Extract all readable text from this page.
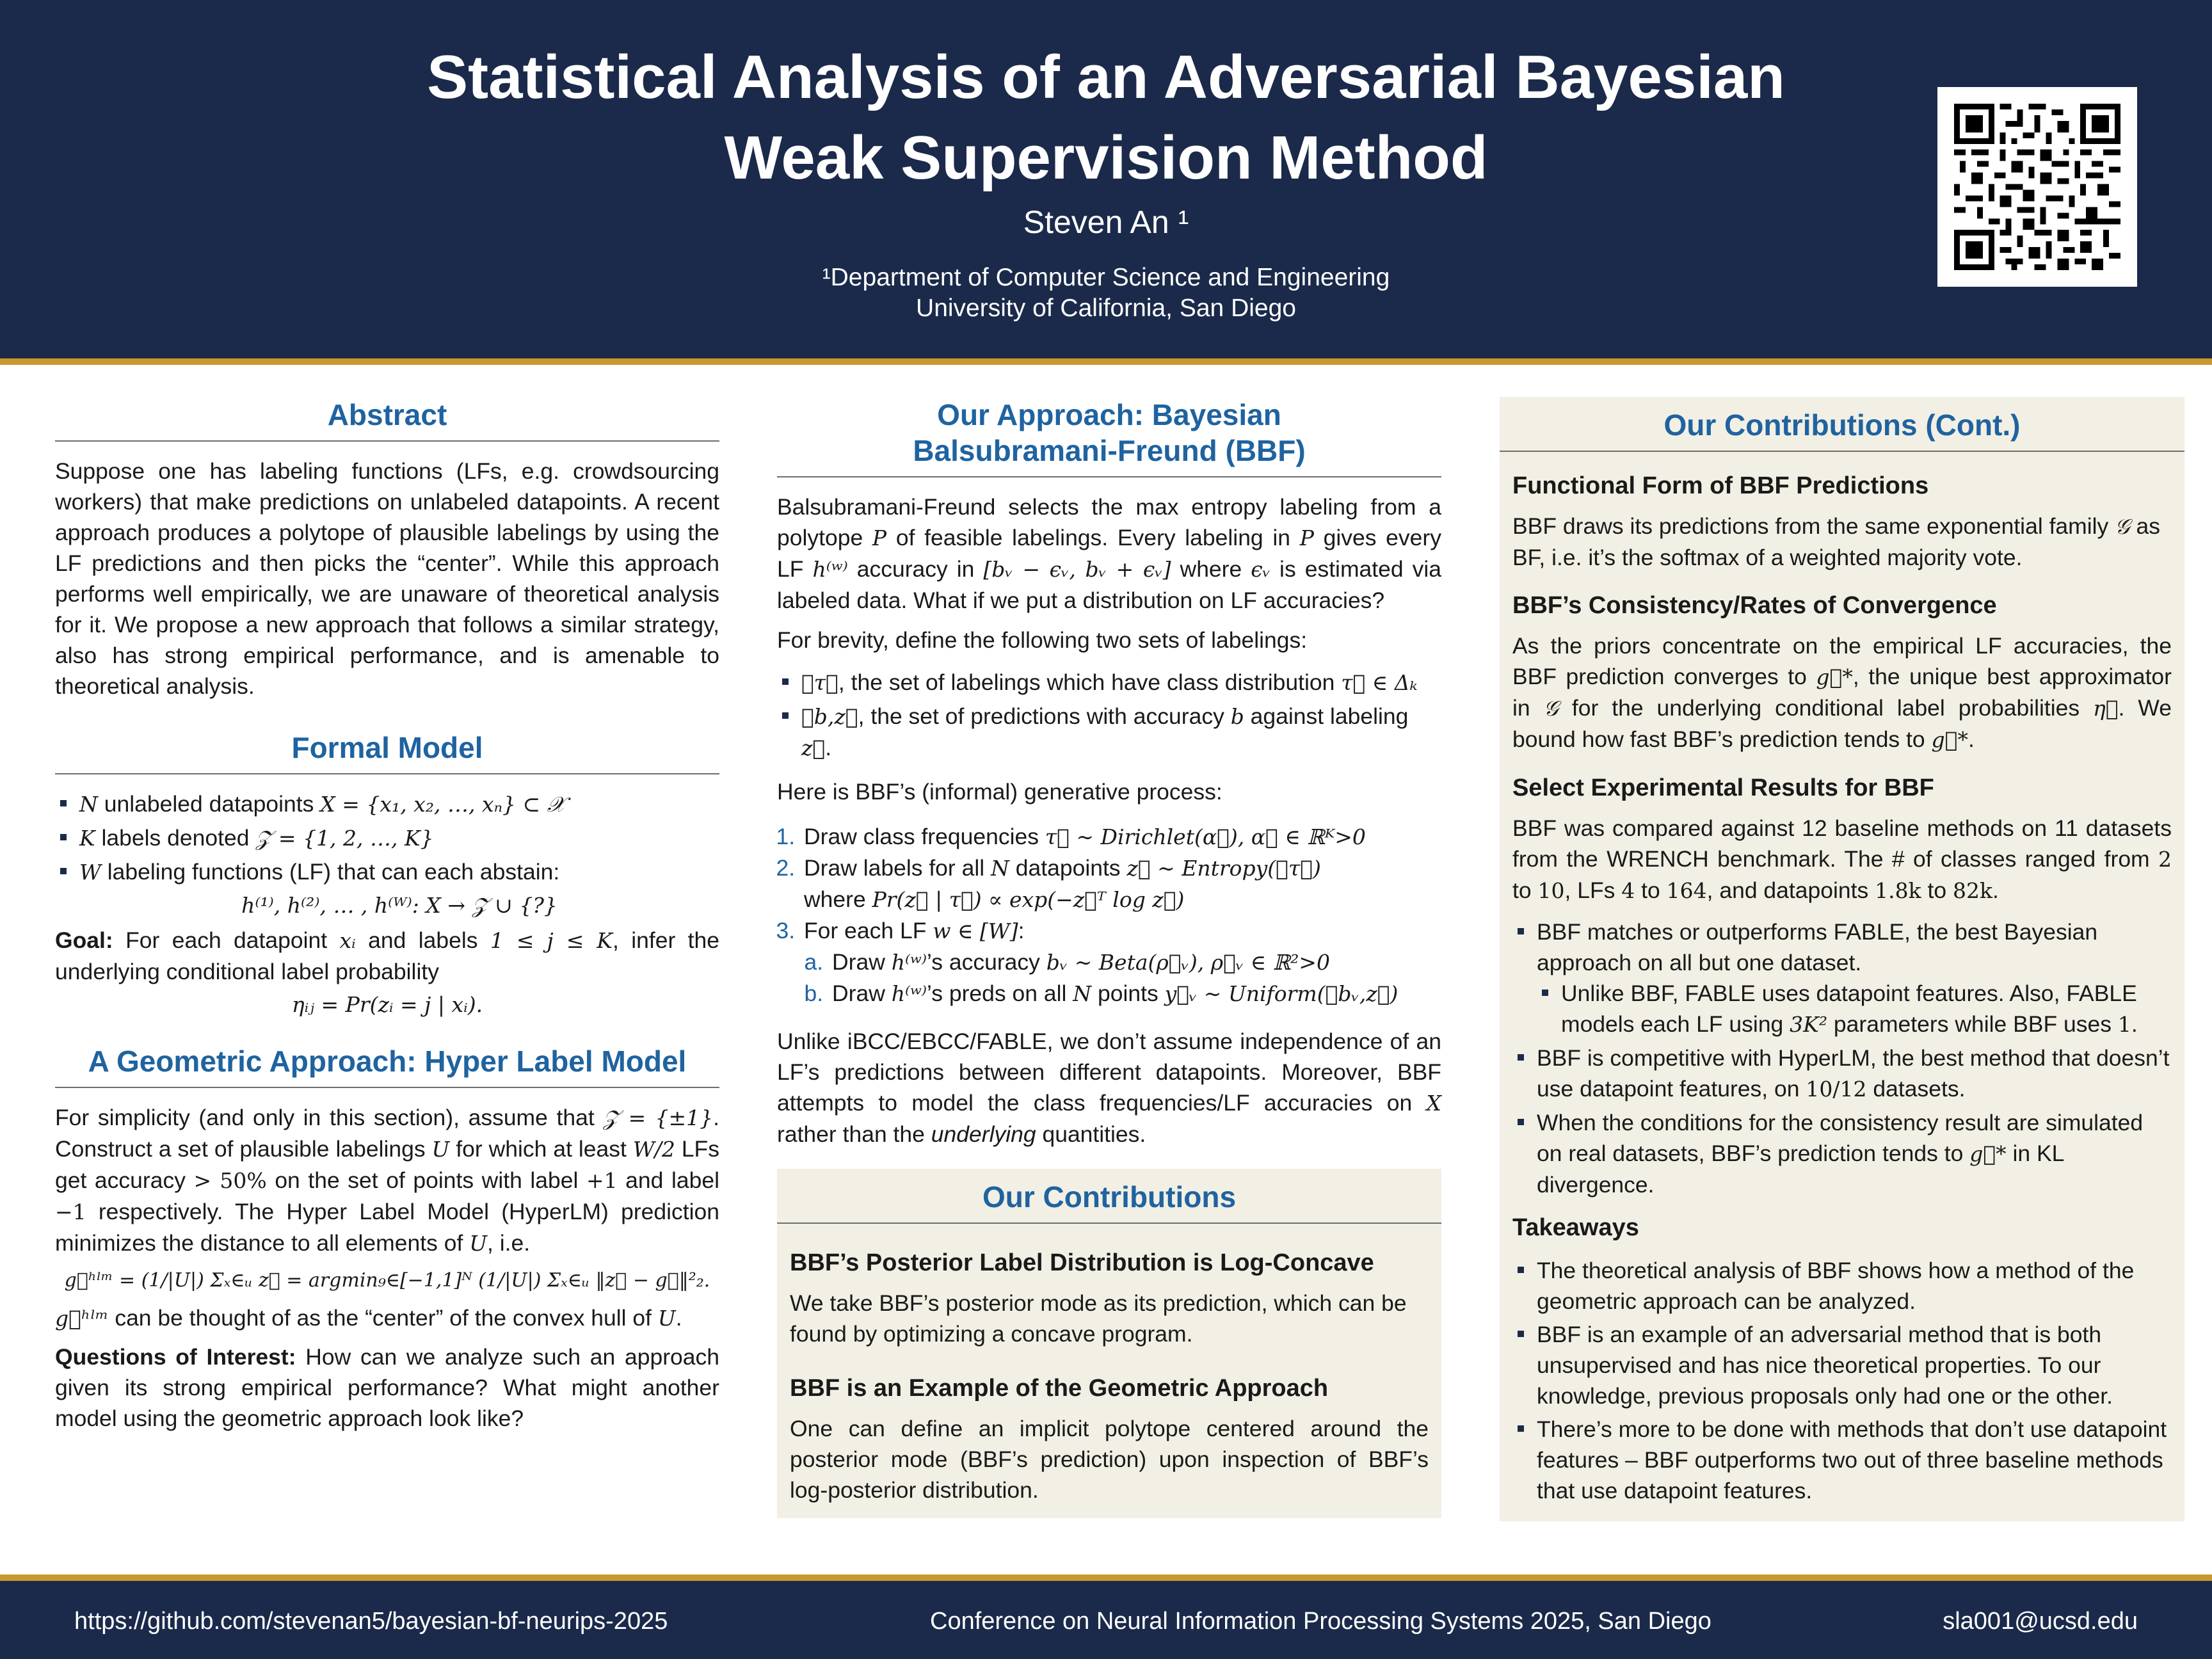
Statistical Analysis of an Adversarial Bayesian
Weak Supervision Method
Steven An ¹
¹Department of Computer Science and Engineering
University of California, San Diego
Abstract

Suppose one has labeling functions (LFs, e.g. crowdsourcing workers) that make predictions on unlabeled datapoints. A recent approach produces a polytope of plausible labelings by using the LF predictions and then picks the “center”. While this approach performs well empirically, we are unaware of theoretical analysis for it. We propose a new approach that follows a similar strategy, also has strong empirical performance, and is amenable to theoretical analysis.

Formal Model
N unlabeled datapoints X = {x₁, x₂, …, xₙ} ⊂ 𝒳
K labels denoted 𝒵 = {1, 2, …, K}
W labeling functions (LF) that can each abstain:
h⁽¹⁾, h⁽²⁾, … , h⁽ᵂ⁾: X → 𝒵 ∪ {?}

Goal: For each datapoint xᵢ and labels 1 ≤ j ≤ K, infer the underlying conditional label probability

ηᵢⱼ = Pr(zᵢ = j | xᵢ).
A Geometric Approach: Hyper Label Model

For simplicity (and only in this section), assume that 𝒵 = {±1}. Construct a set of plausible labelings U for which at least W/2 LFs get accuracy > 50% on the set of points with label +1 and label −1 respectively. The Hyper Label Model (HyperLM) prediction minimizes the distance to all elements of U, i.e.

g⃗ʰˡᵐ = (1/|U|) Σₓ∈ᵤ z⃗ = argmin₉∈[−1,1]ᴺ (1/|U|) Σₓ∈ᵤ ‖z⃗ − g⃗‖²₂.

g⃗ʰˡᵐ can be thought of as the “center” of the convex hull of U.

Questions of Interest: How can we analyze such an approach given its strong empirical performance? What might another model using the geometric approach look like?

Our Approach: Bayesian
Balsubramani-Freund (BBF)

Balsubramani-Freund selects the max entropy labeling from a polytope P of feasible labelings. Every labeling in P gives every LF h⁽ʷ⁾ accuracy in [bᵥ − ϵᵥ, bᵥ + ϵᵥ] where ϵᵥ is estimated via labeled data. What if we put a distribution on LF accuracies?

For brevity, define the following two sets of labelings:

ℒτ⃗, the set of labelings which have class distribution τ⃗ ∈ Δₖ
ℒb,z⃗, the set of predictions with accuracy b against labeling z⃗.

Here is BBF’s (informal) generative process:

1. Draw class frequencies τ⃗ ∼ Dirichlet(α⃗), α⃗ ∈ ℝᴷ>0
2. Draw labels for all N datapoints z⃗ ∼ Entropy(ℒτ⃗)
where Pr(z⃗ | τ⃗) ∝ exp(−z⃗ᵀ log z⃗)
3. For each LF w ∈ [W]:
a. Draw h⁽ʷ⁾’s accuracy bᵥ ∼ Beta(ρ⃗ᵥ), ρ⃗ᵥ ∈ ℝ²>0
b. Draw h⁽ʷ⁾’s preds on all N points y⃗ᵥ ∼ Uniform(ℒbᵥ,z⃗)

Unlike iBCC/EBCC/FABLE, we don’t assume independence of an LF’s predictions between different datapoints. Moreover, BBF attempts to model the class frequencies/LF accuracies on X rather than the underlying quantities.

Our Contributions
BBF’s Posterior Label Distribution is Log-Concave

We take BBF’s posterior mode as its prediction, which can be found by optimizing a concave program.

BBF is an Example of the Geometric Approach

One can define an implicit polytope centered around the posterior mode (BBF’s prediction) upon inspection of BBF’s log-posterior distribution.

Our Contributions (Cont.)
Functional Form of BBF Predictions

BBF draws its predictions from the same exponential family 𝒢 as BF, i.e. it’s the softmax of a weighted majority vote.

BBF’s Consistency/Rates of Convergence

As the priors concentrate on the empirical LF accuracies, the BBF prediction converges to g⃗*, the unique best approximator in 𝒢 for the underlying conditional label probabilities η⃗. We bound how fast BBF’s prediction tends to g⃗*.

Select Experimental Results for BBF

BBF was compared against 12 baseline methods on 11 datasets from the WRENCH benchmark. The # of classes ranged from 2 to 10, LFs 4 to 164, and datapoints 1.8k to 82k.

BBF matches or outperforms FABLE, the best Bayesian approach on all but one dataset.
Unlike BBF, FABLE uses datapoint features. Also, FABLE models each LF using 3K² parameters while BBF uses 1.
BBF is competitive with HyperLM, the best method that doesn’t use datapoint features, on 10/12 datasets.
When the conditions for the consistency result are simulated on real datasets, BBF’s prediction tends to g⃗* in KL divergence.
Takeaways
The theoretical analysis of BBF shows how a method of the geometric approach can be analyzed.
BBF is an example of an adversarial method that is both unsupervised and has nice theoretical properties. To our knowledge, previous proposals only had one or the other.
There’s more to be done with methods that don’t use datapoint features – BBF outperforms two out of three baseline methods that use datapoint features.
https://github.com/stevenan5/bayesian-bf-neurips-2025	Conference on Neural Information Processing Systems 2025, San Diego	sla001@ucsd.edu
